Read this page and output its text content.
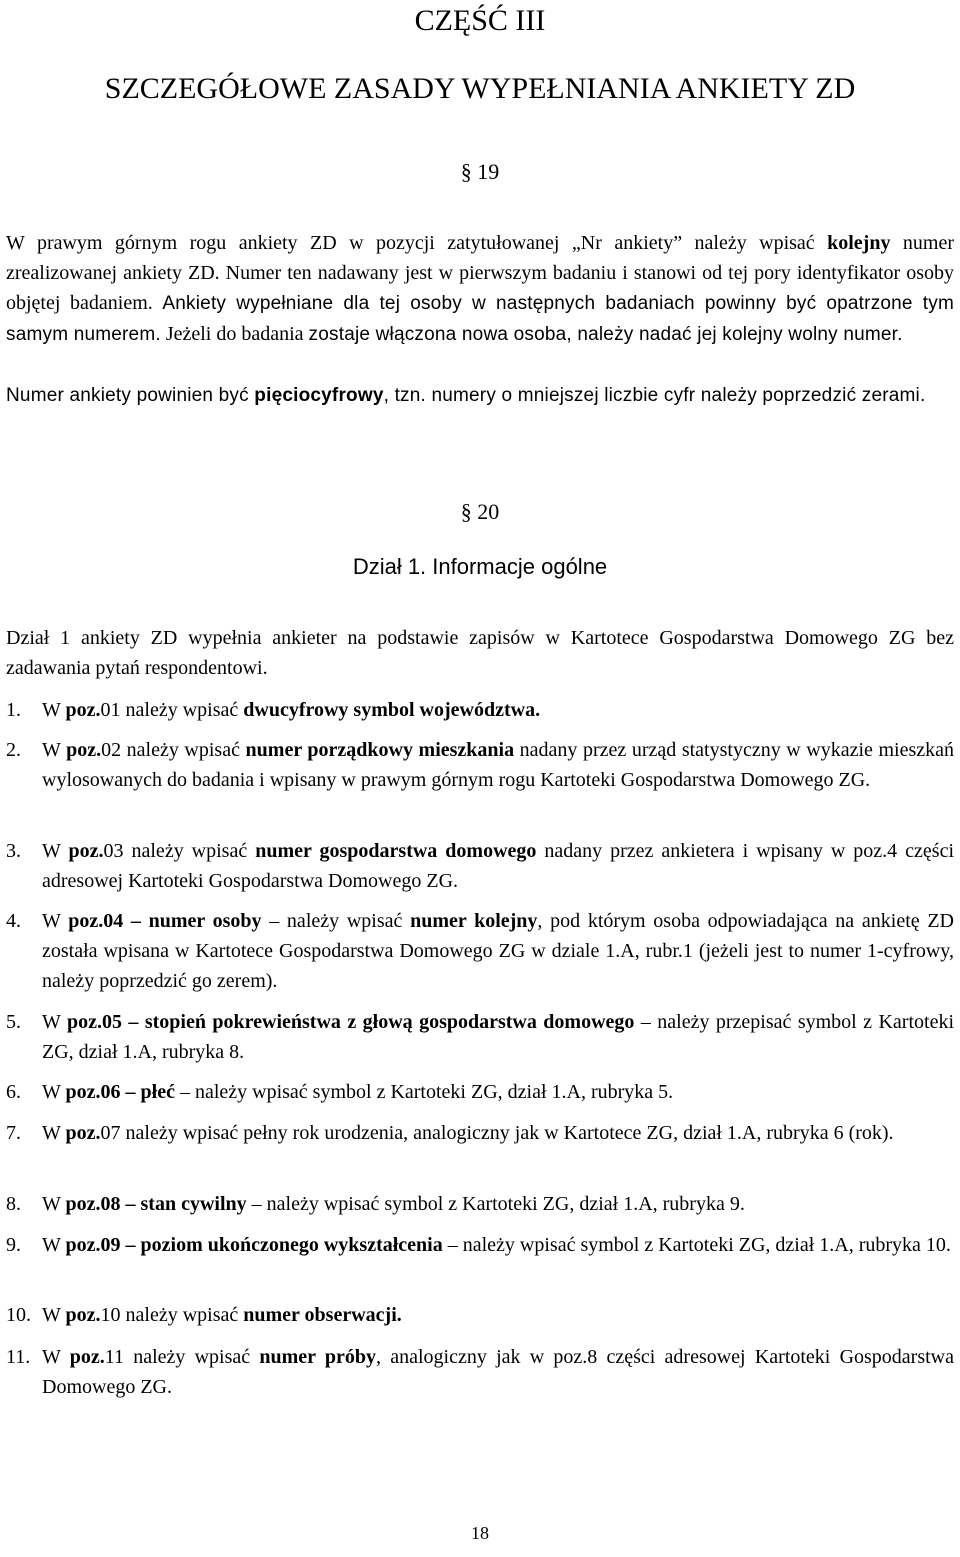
CZĘŚĆ III
SZCZEGÓŁOWE ZASADY WYPEŁNIANIA ANKIETY ZD
§ 19
W prawym górnym rogu ankiety ZD w pozycji zatytułowanej „Nr ankiety” należy wpisać kolejny numer zrealizowanej ankiety ZD. Numer ten nadawany jest w pierwszym badaniu i stanowi od tej pory identyfikator osoby objętej badaniem. Ankiety wypełniane dla tej osoby w następnych badaniach powinny być opatrzone tym samym numerem. Jeżeli do badania zostaje włączona nowa osoba, należy nadać jej kolejny wolny numer.
Numer ankiety powinien być pięciocyfrowy, tzn. numery o mniejszej liczbie cyfr należy poprzedzić zerami.
§ 20
Dział 1. Informacje ogólne
Dział 1 ankiety ZD wypełnia ankieter na podstawie zapisów w Kartotece Gospodarstwa Domowego ZG bez zadawania pytań respondentowi.
1.	W poz.01 należy wpisać dwucyfrowy symbol województwa.
2.	W poz.02 należy wpisać numer porządkowy mieszkania nadany przez urząd statystyczny w wykazie mieszkań wylosowanych do badania i wpisany w prawym górnym rogu Kartoteki Gospodarstwa Domowego ZG.
3.	W poz.03 należy wpisać numer gospodarstwa domowego nadany przez ankietera i wpisany w poz.4 części adresowej Kartoteki Gospodarstwa Domowego ZG.
4.	W poz.04 – numer osoby – należy wpisać numer kolejny, pod którym osoba odpowiadająca na ankietę ZD została wpisana w Kartotece Gospodarstwa Domowego ZG w dziale 1.A, rubr.1 (jeżeli jest to numer 1-cyfrowy, należy poprzedzić go zerem).
5.	W poz.05 – stopień pokrewieństwa z głową gospodarstwa domowego – należy przepisać symbol z Kartoteki ZG, dział 1.A, rubryka 8.
6.	W poz.06 – płeć – należy wpisać symbol z Kartoteki ZG, dział 1.A, rubryka 5.
7.	W poz.07 należy wpisać pełny rok urodzenia, analogiczny jak w Kartotece ZG, dział 1.A, rubryka 6 (rok).
8.	W poz.08 – stan cywilny – należy wpisać symbol z Kartoteki ZG, dział 1.A, rubryka 9.
9.	W poz.09 – poziom ukończonego wykształcenia – należy wpisać symbol z Kartoteki ZG, dział 1.A, rubryka 10.
10. W poz.10 należy wpisać numer obserwacji.
11. W poz.11 należy wpisać numer próby, analogiczny jak w poz.8 części adresowej Kartoteki Gospodarstwa Domowego ZG.
18
